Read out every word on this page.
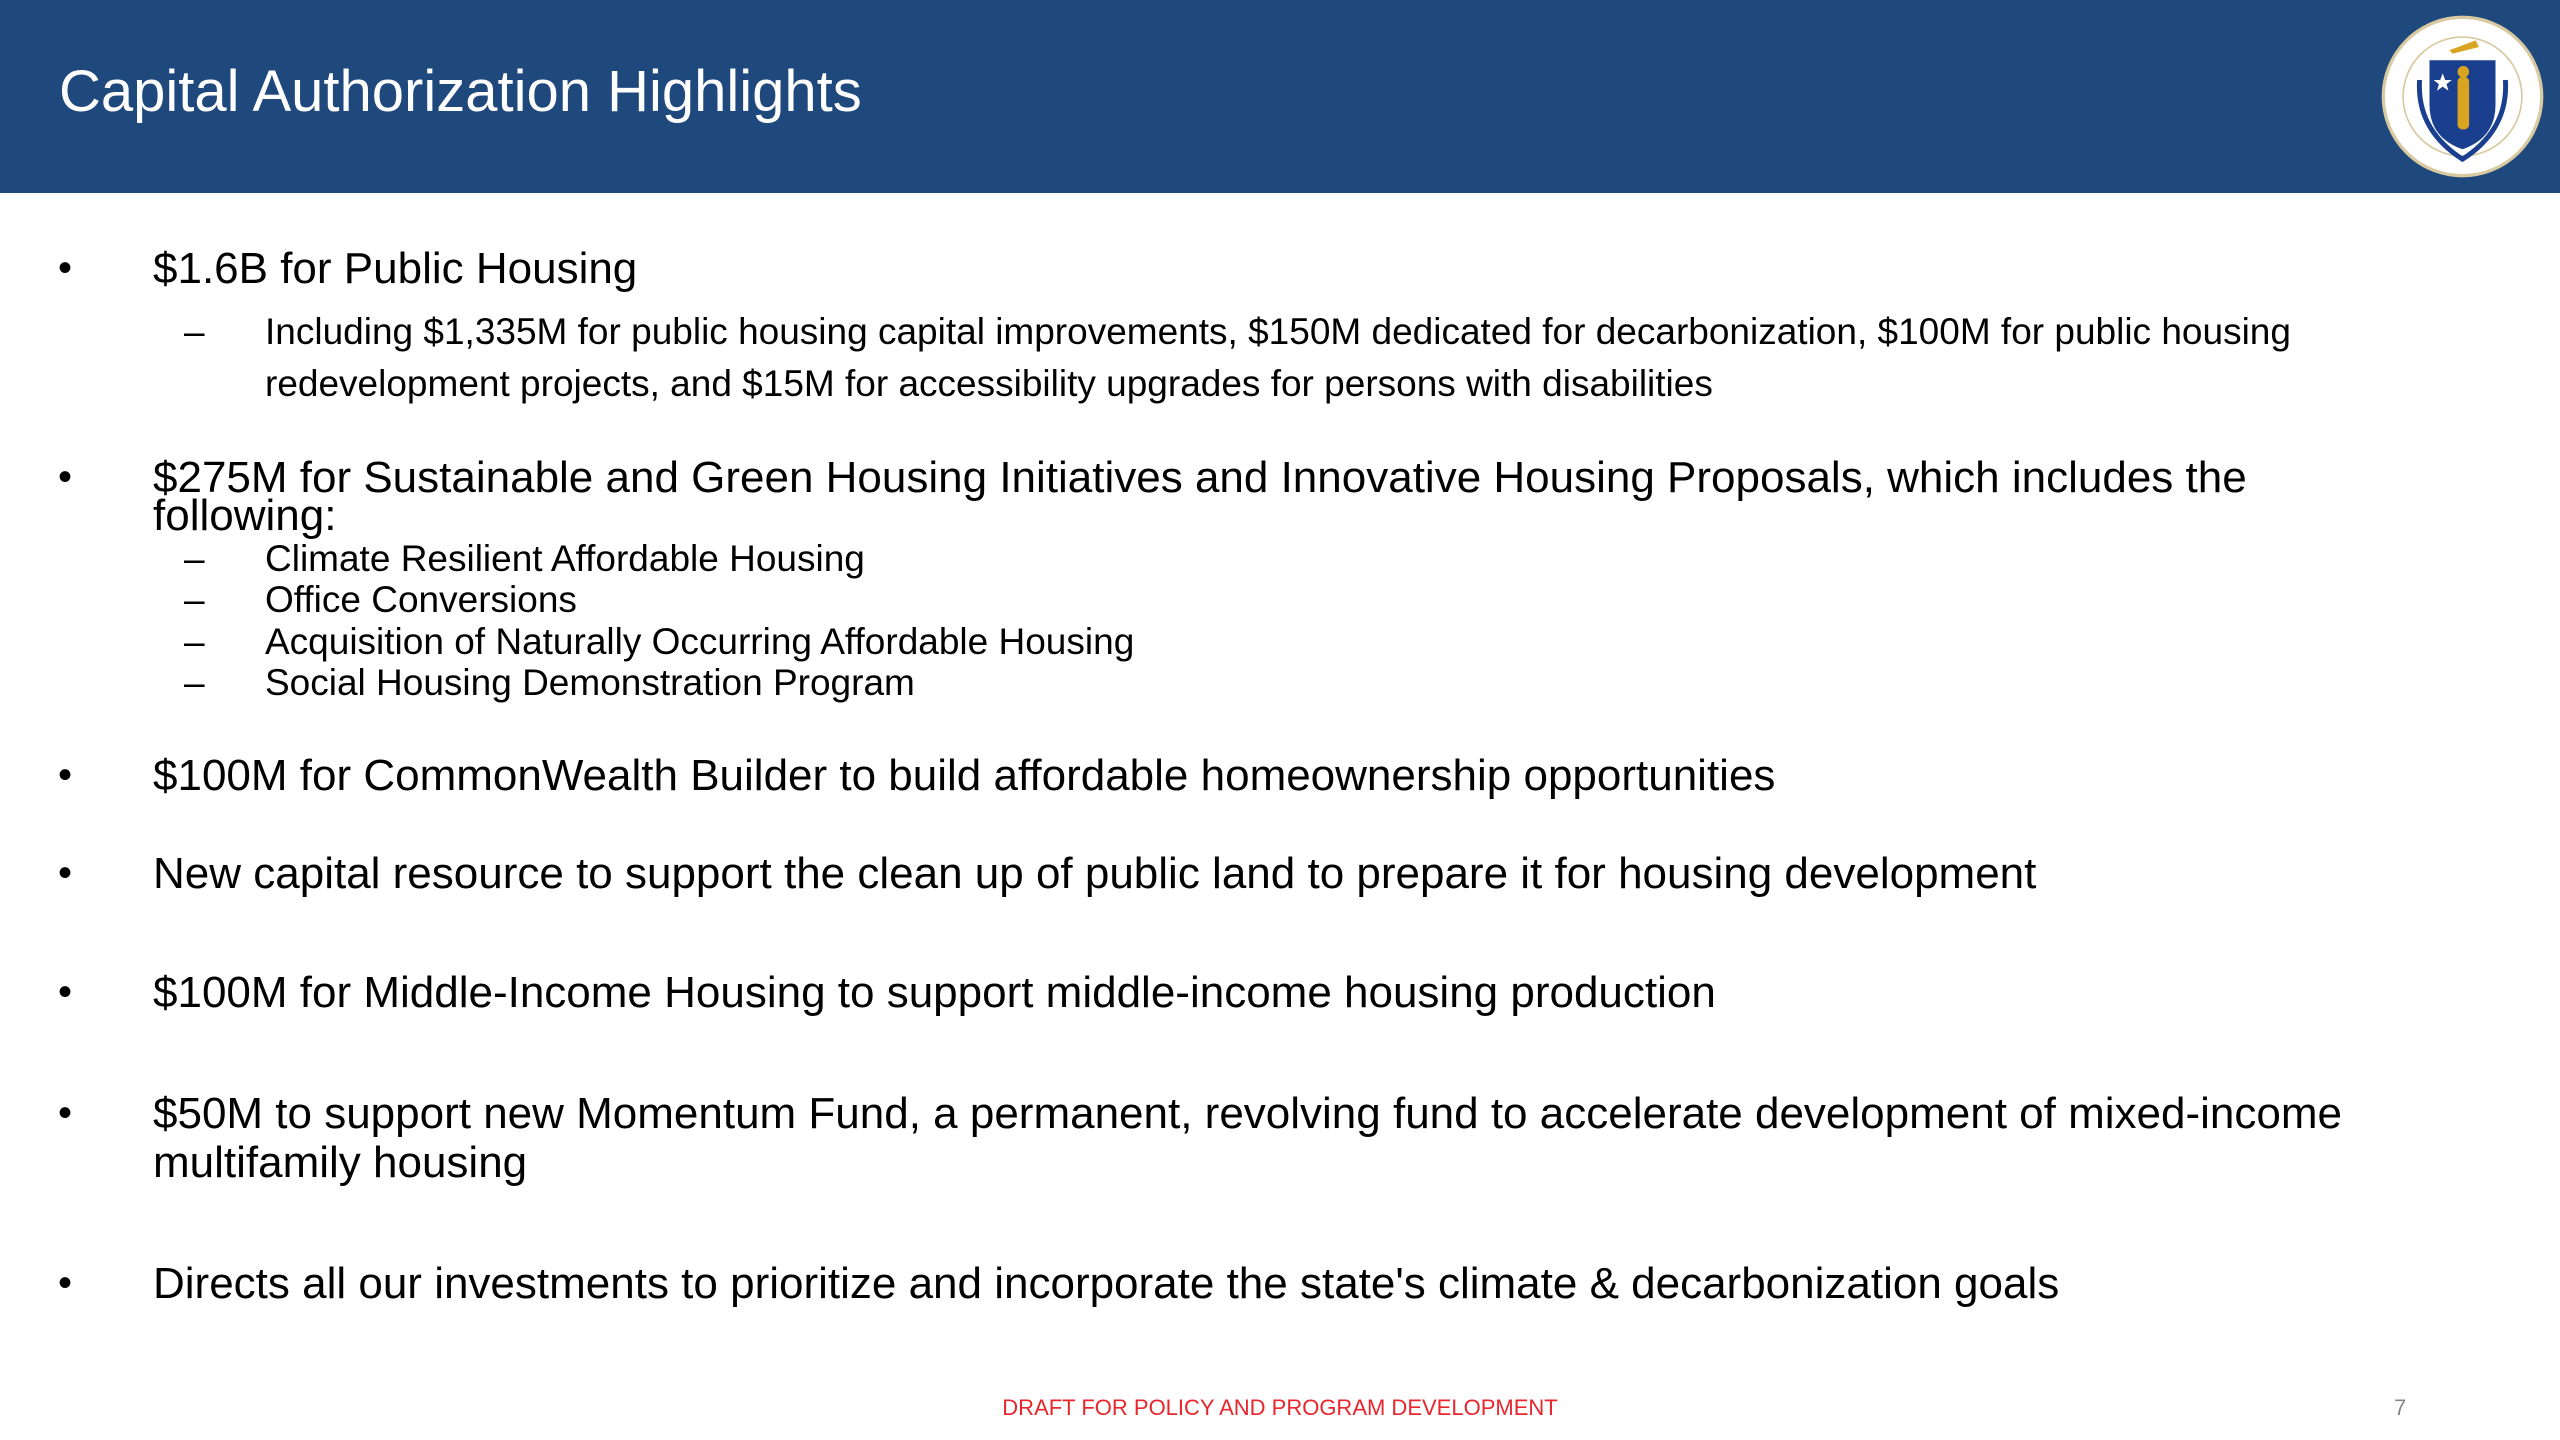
Capital Authorization Highlights
• $1.6B for Public Housing
– Including $1,335M for public housing capital improvements, $150M dedicated for decarbonization, $100M for public housing
redevelopment projects, and $15M for accessibility upgrades for persons with disabilities
• $275M for Sustainable and Green Housing Initiatives and Innovative Housing Proposals, which includes the
following:
– Climate Resilient Affordable Housing
– Office Conversions
– Acquisition of Naturally Occurring Affordable Housing
– Social Housing Demonstration Program
• $100M for CommonWealth Builder to build affordable homeownership opportunities
• New capital resource to support the clean up of public land to prepare it for housing development
• $100M for Middle-Income Housing to support middle-income housing production
• $50M to support new Momentum Fund, a permanent, revolving fund to accelerate development of mixed-income
multifamily housing
• Directs all our investments to prioritize and incorporate the state's climate & decarbonization goals
DRAFT FOR POLICY AND PROGRAM DEVELOPMENT	7
